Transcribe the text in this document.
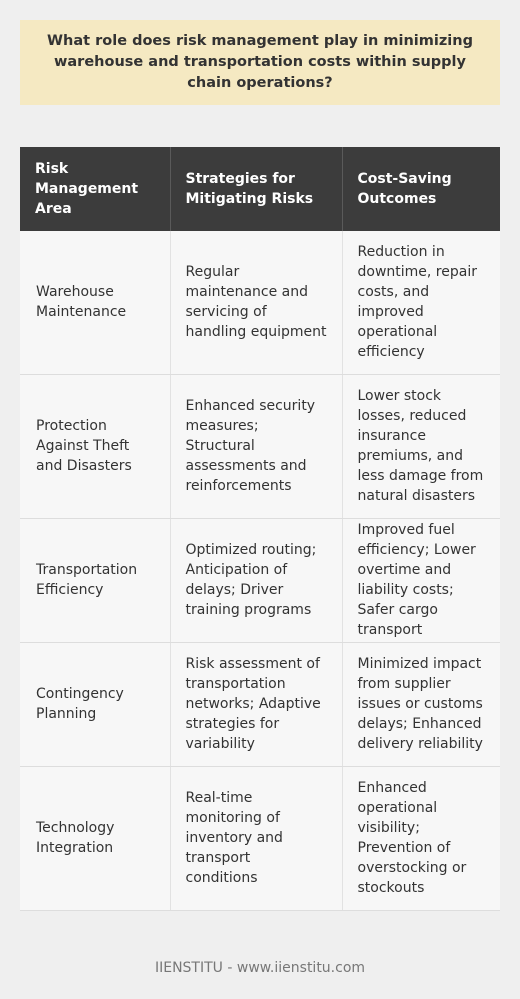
What role does risk management play in minimizing warehouse and transportation costs within supply chain operations?
Risk Management Area	Strategies for Mitigating Risks	Cost-Saving Outcomes
Warehouse Maintenance	Regular maintenance and servicing of handling equipment	Reduction in downtime, repair costs, and improved operational efficiency
Protection Against Theft and Disasters	Enhanced security measures; Structural assessments and reinforcements	Lower stock losses, reduced insurance premiums, and less damage from natural disasters
Transportation Efficiency	Optimized routing; Anticipation of delays; Driver training programs	Improved fuel efficiency; Lower overtime and liability costs; Safer cargo transport
Contingency Planning	Risk assessment of transportation networks; Adaptive strategies for variability	Minimized impact from supplier issues or customs delays; Enhanced delivery reliability
Technology Integration	Real-time monitoring of inventory and transport conditions	Enhanced operational visibility; Prevention of overstocking or stockouts
IIENSTITU - www.iienstitu.com
